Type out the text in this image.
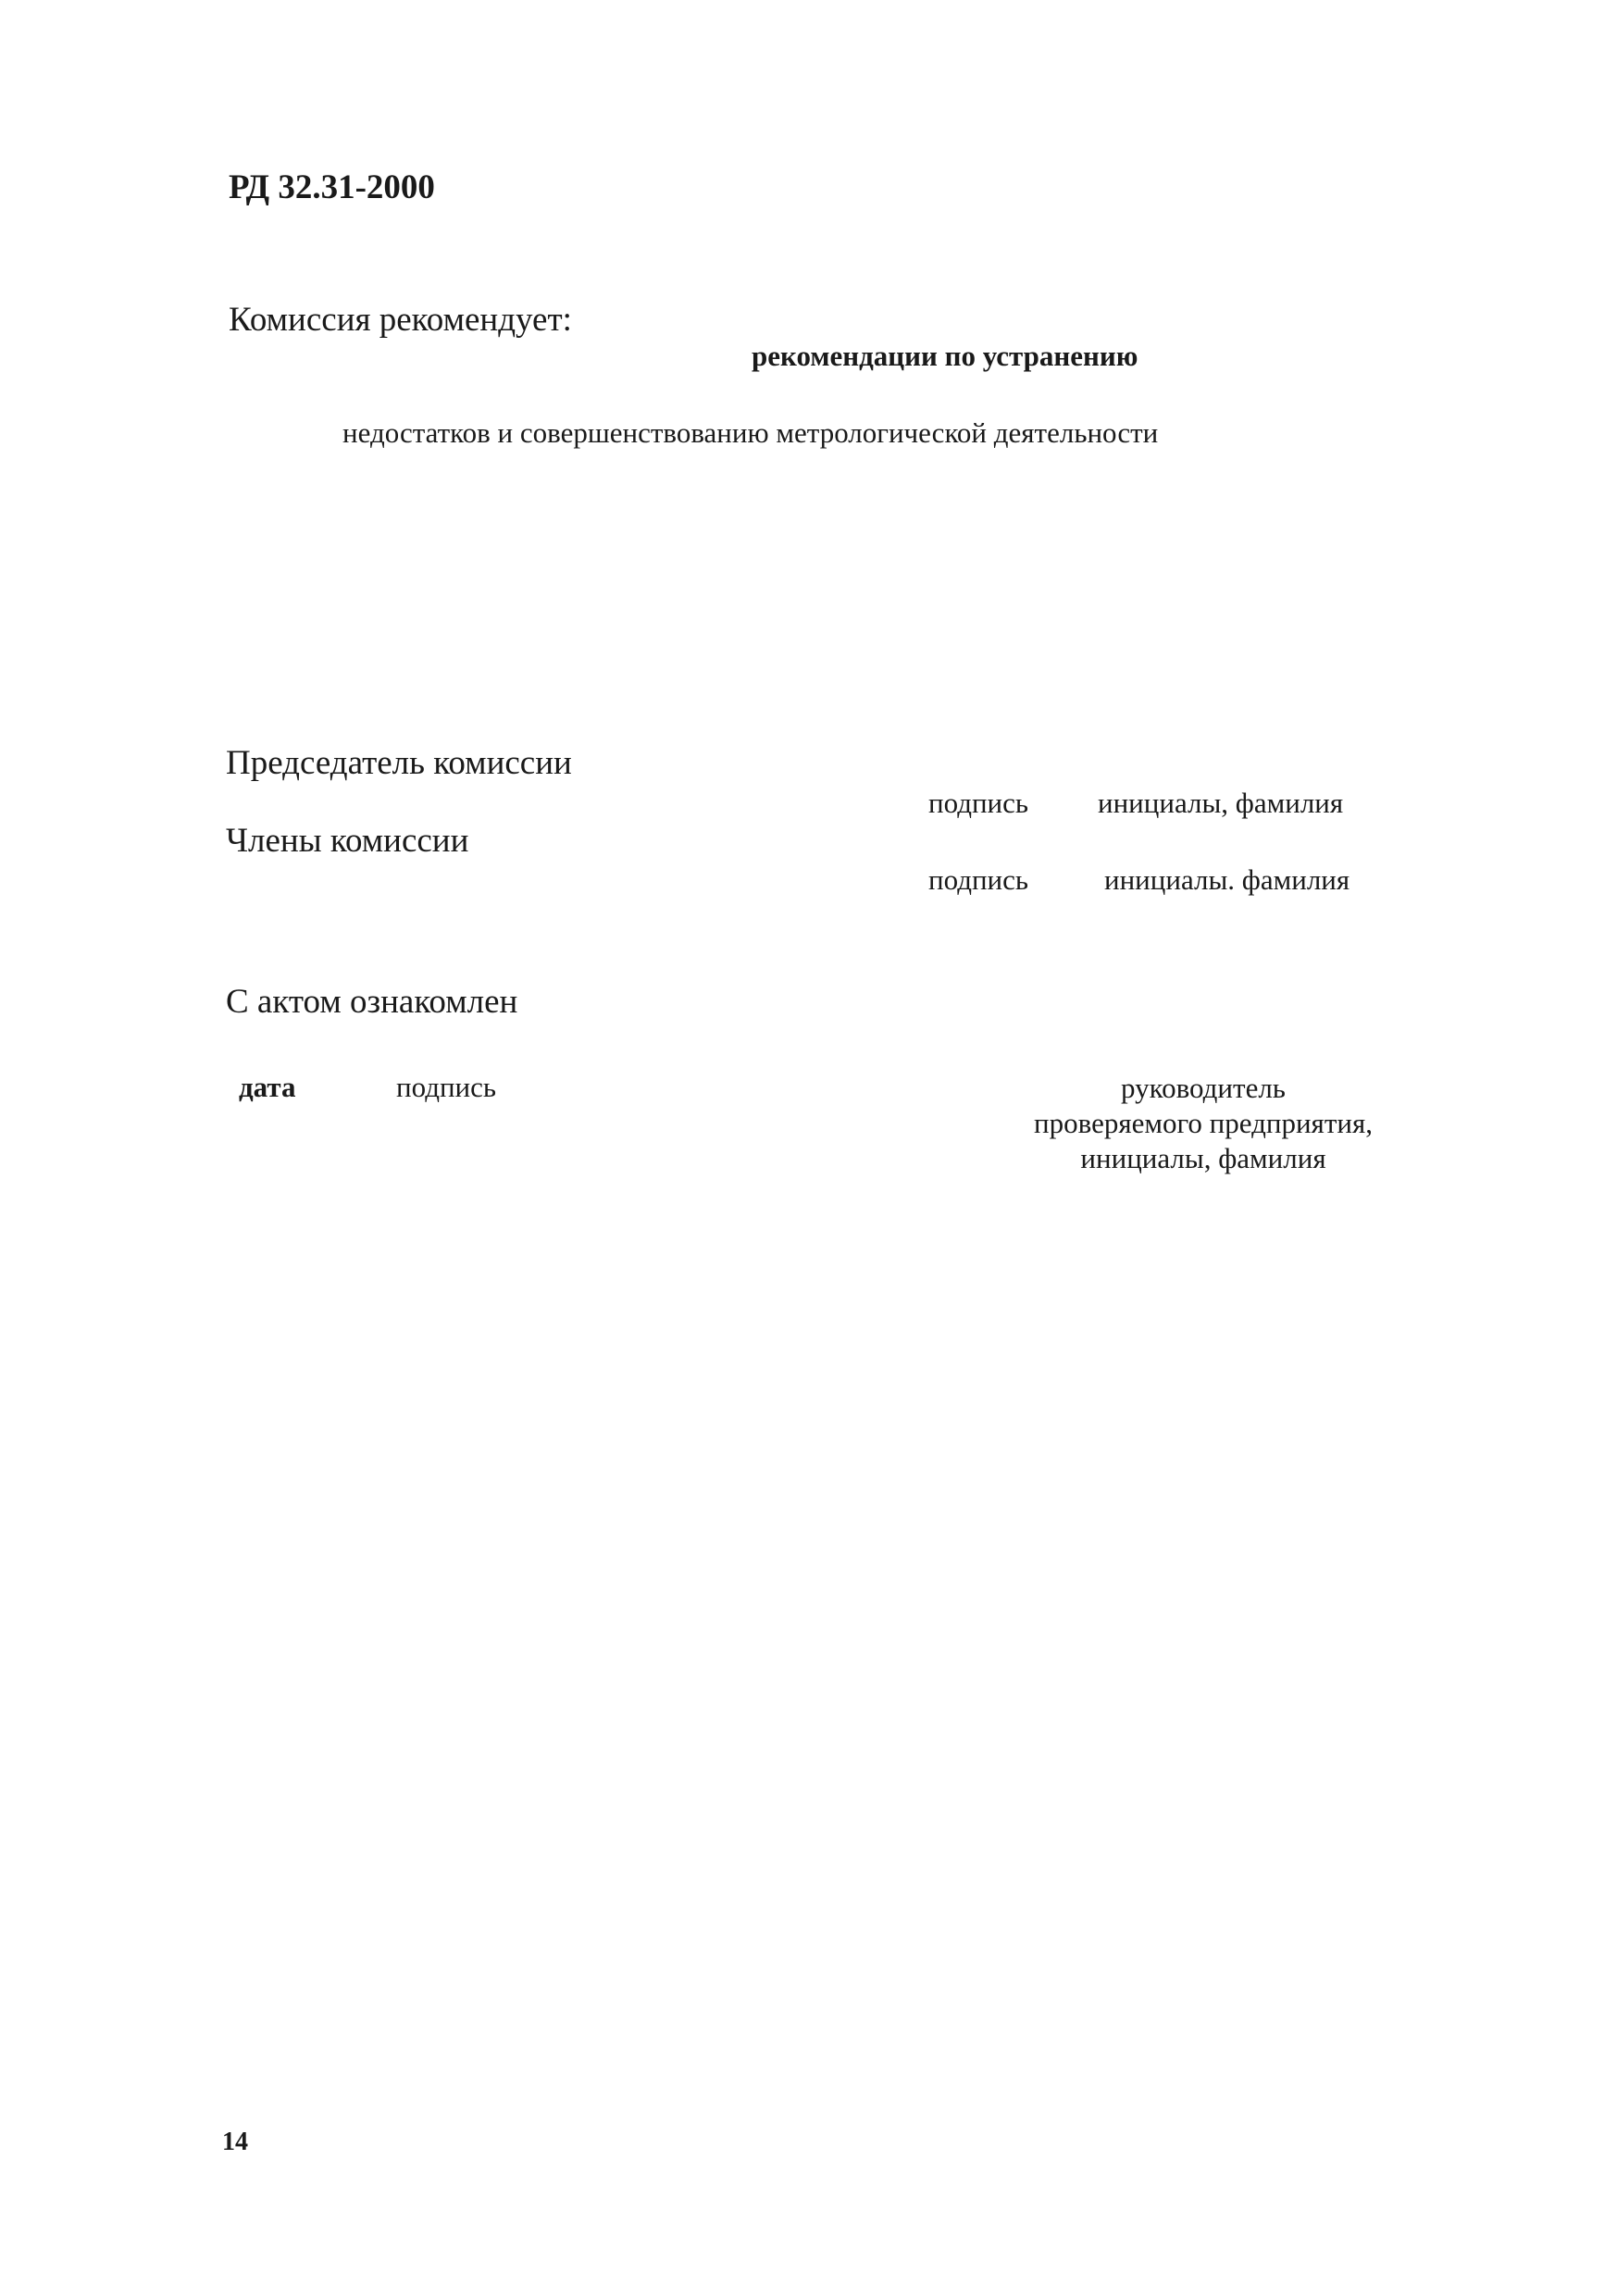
РД 32.31-2000
Комиссия рекомендует:
рекомендации по устранению
недостатков и совершенствованию метрологической деятельности
Председатель комиссии
подпись инициалы, фамилия
Члены комиссии
подпись	инициалы. фамилия
С актом ознакомлен
дата	подпись	руководитель
проверяемого предприятия,
инициалы, фамилия
14
